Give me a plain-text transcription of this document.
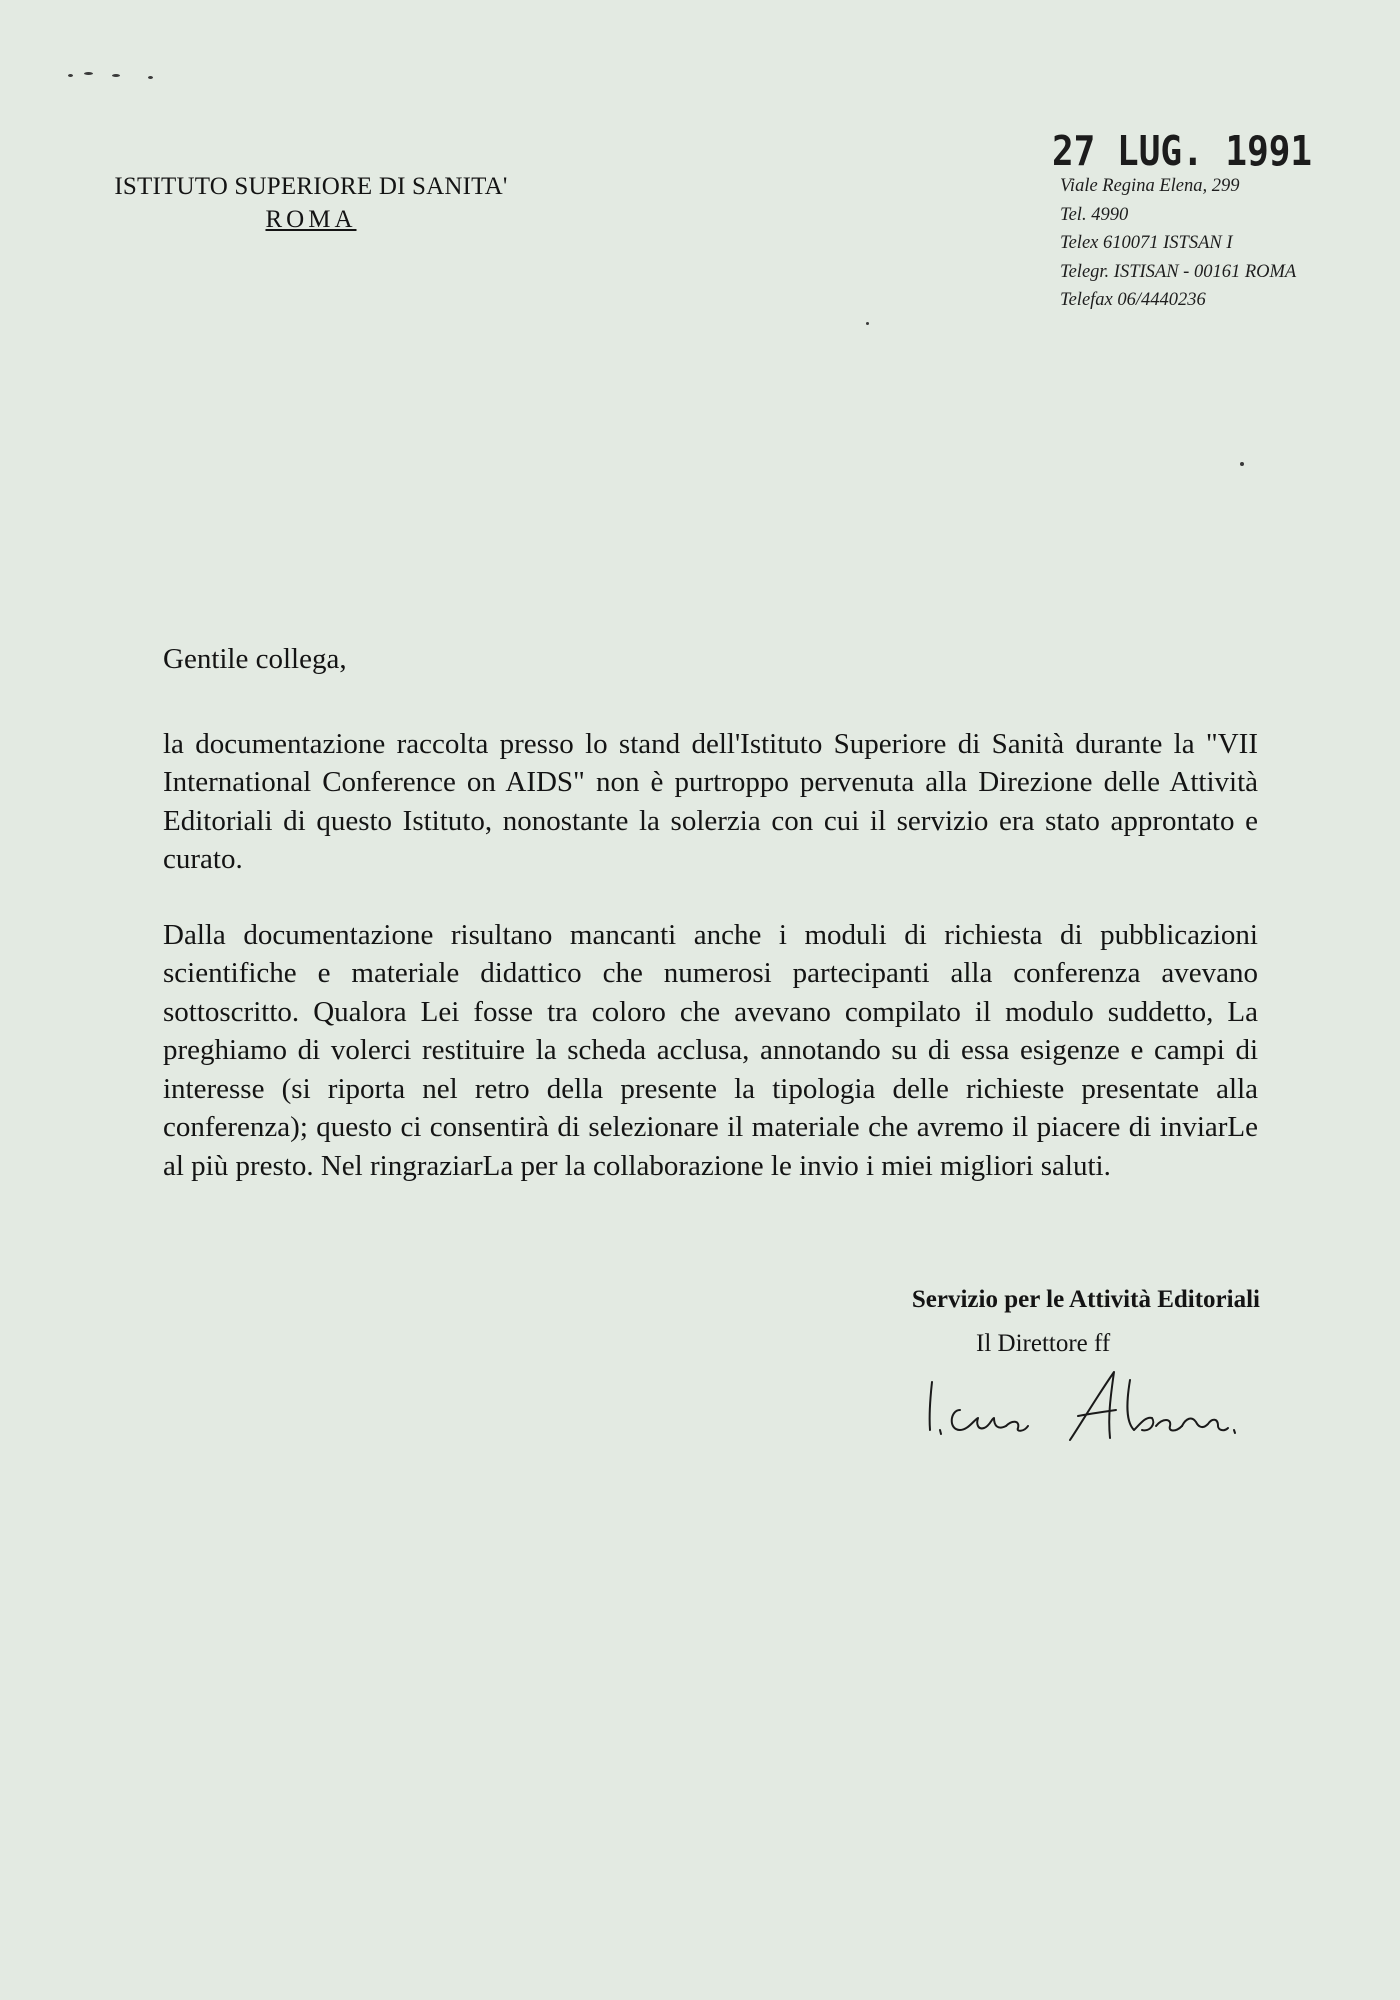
ISTITUTO SUPERIORE DI SANITA'
ROMA
27 LUG. 1991
Viale Regina Elena, 299
Tel. 4990
Telex 610071 ISTSAN I
Telegr. ISTISAN - 00161 ROMA
Telefax 06/4440236

Gentile collega,

la documentazione raccolta presso lo stand dell'Istituto Superiore di Sanità durante la "VII International Conference on AIDS" non è purtroppo pervenuta alla Direzione delle Attività Editoriali di questo Istituto, nonostante la solerzia con cui il servizio era stato approntato e curato.

Dalla documentazione risultano mancanti anche i moduli di richiesta di pubblicazioni scientifiche e materiale didattico che numerosi partecipanti alla conferenza avevano sottoscritto. Qualora Lei fosse tra coloro che avevano compilato il modulo suddetto, La preghiamo di volerci restituire la scheda acclusa, annotando su di essa esigenze e campi di interesse (si riporta nel retro della presente la tipologia delle richieste presentate alla conferenza); questo ci consentirà di selezionare il materiale che avremo il piacere di inviarLe al più presto. Nel ringraziarLa per la collaborazione le invio i miei migliori saluti.

Servizio per le Attività Editoriali
Il Direttore ff
